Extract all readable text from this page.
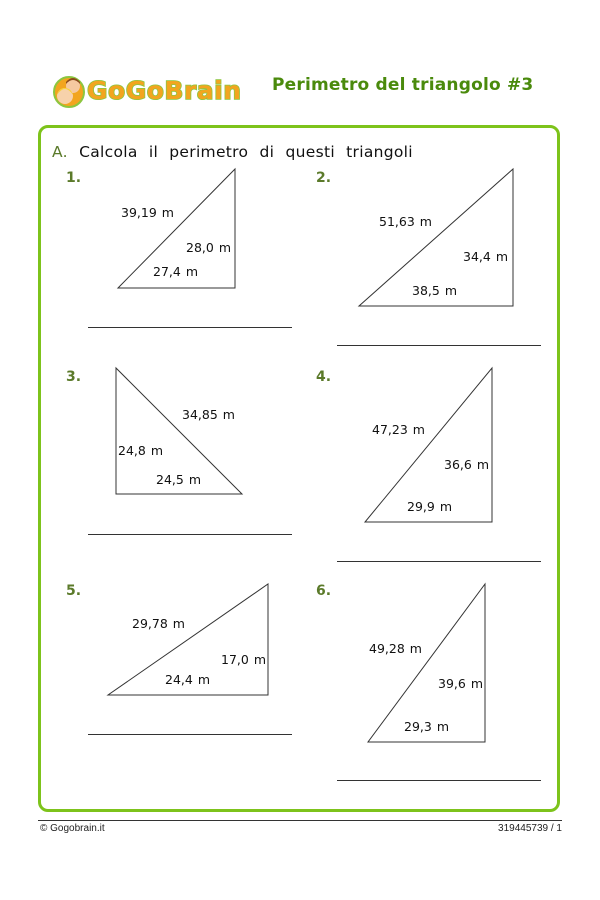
GoGoBrain Perimetro del triangolo #3
A. Calcola il perimetro di questi triangoli
1.
39,19 m
28,0 m
27,4 m
2.
51,63 m
34,4 m
38,5 m
3.
34,85 m
24,8 m
24,5 m
4.
47,23 m
36,6 m
29,9 m
5.
29,78 m
17,0 m
24,4 m
6.
49,28 m
39,6 m
29,3 m
© Gogobrain.it	319445739 / 1
